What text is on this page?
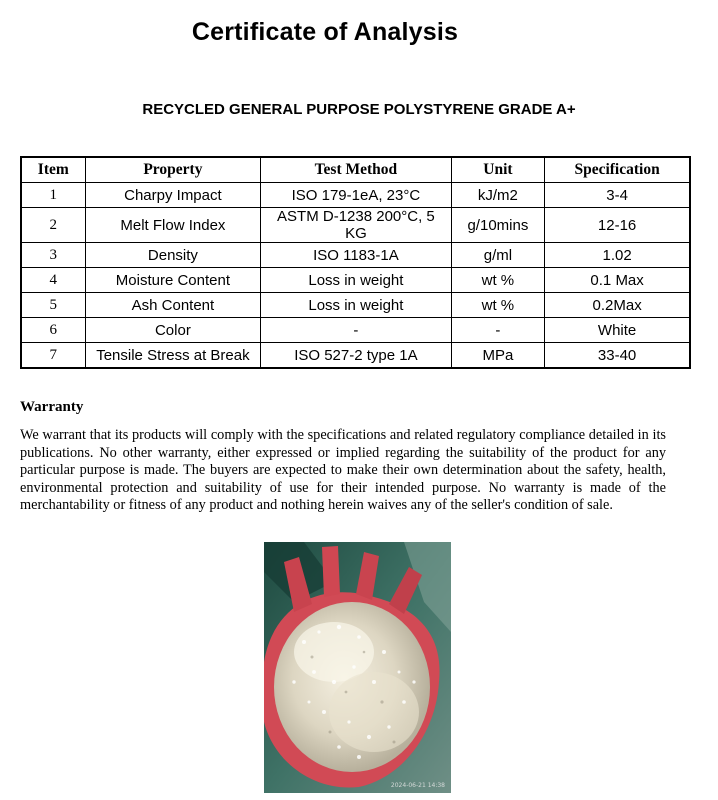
Certificate of Analysis
RECYCLED GENERAL PURPOSE POLYSTYRENE GRADE A+
Item	Property	Test Method	Unit	Specification
1	Charpy Impact	ISO 179-1eA, 23°C	kJ/m2	3-4
2	Melt Flow Index	ASTM D-1238 200°C, 5 KG	g/10mins	12-16
3	Density	ISO 1183-1A	g/ml	1.02
4	Moisture Content	Loss in weight	wt %	0.1 Max
5	Ash Content	Loss in weight	wt %	0.2Max
6	Color	-	-	White
7	Tensile Stress at Break	ISO 527-2 type 1A	MPa	33-40
Warranty
We warrant that its products will comply with the specifications and related regulatory compliance detailed in its publications. No other warranty, either expressed or implied regarding the suitability of the product for any particular purpose is made. The buyers are expected to make their own determination about the safety, health, environmental protection and suitability of use for their intended purpose. No warranty is made of the merchantability or fitness of any product and nothing herein waives any of the seller's condition of sale.
2024-06-21 14:38
